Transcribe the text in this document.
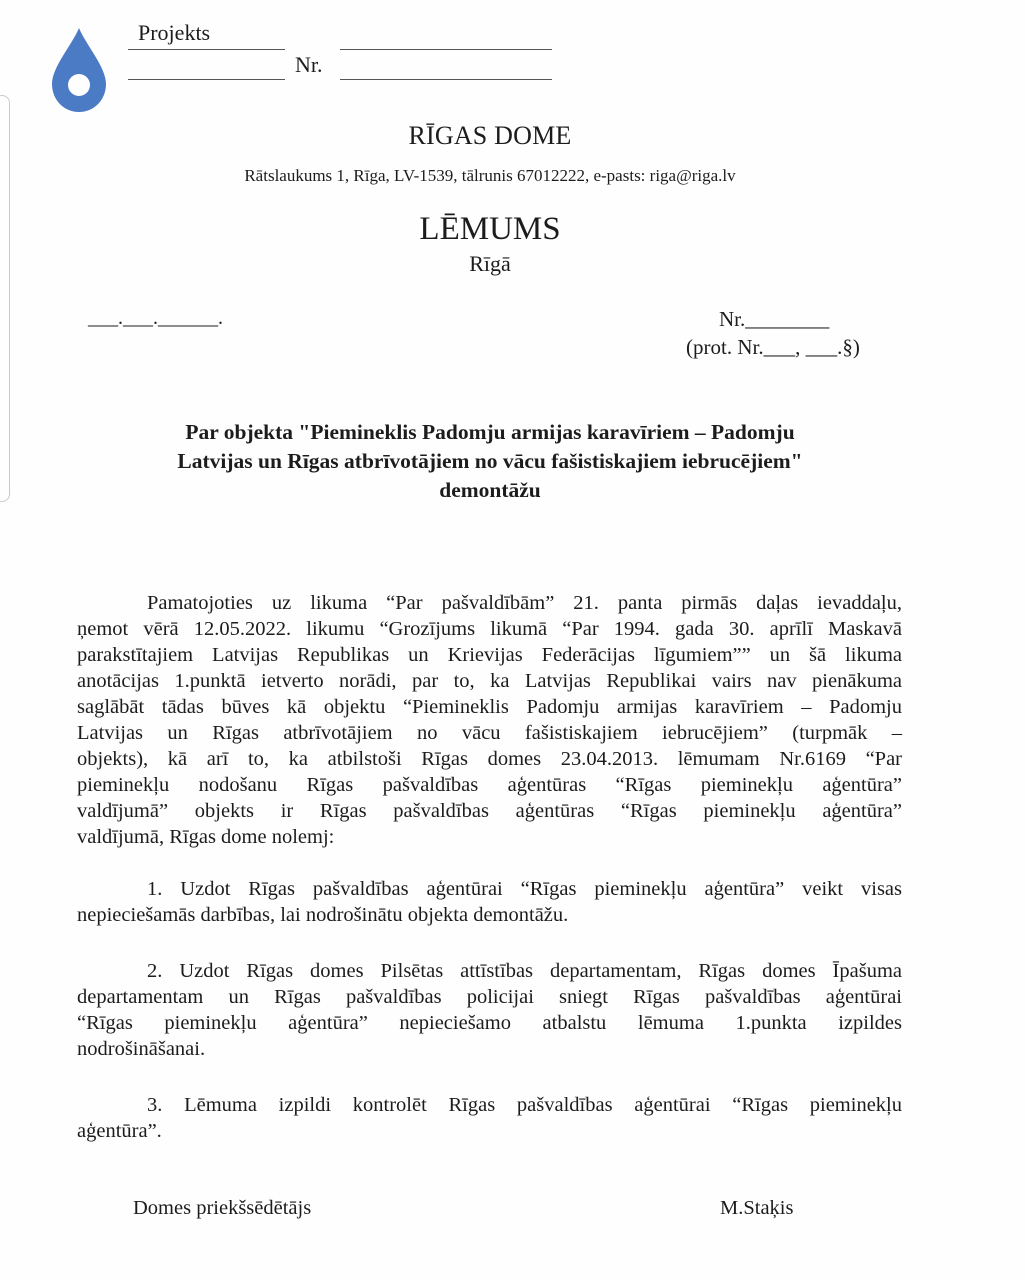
Projekts
Nr.
RĪGAS DOME
Rātslaukums 1, Rīga, LV-1539, tālrunis 67012222, e-pasts: riga@riga.lv
LĒMUMS
Rīgā
___.___.______.	Nr.________
(prot. Nr.___, ___.§)
Par objekta "Piemineklis Padomju armijas karavīriem – Padomju
Latvijas un Rīgas atbrīvotājiem no vācu fašistiskajiem iebrucējiem"
demontāžu
Pamatojoties uz likuma “Par pašvaldībām” 21. panta pirmās daļas ievaddaļu,
ņemot vērā 12.05.2022. likumu “Grozījums likumā “Par 1994. gada 30. aprīlī Maskavā
parakstītajiem Latvijas Republikas un Krievijas Federācijas līgumiem”” un šā likuma
anotācijas 1.punktā ietverto norādi, par to, ka Latvijas Republikai vairs nav pienākuma
saglābāt tādas būves kā objektu “Piemineklis Padomju armijas karavīriem – Padomju
Latvijas un Rīgas atbrīvotājiem no vācu fašistiskajiem iebrucējiem” (turpmāk –
objekts), kā arī to, ka atbilstoši Rīgas domes 23.04.2013. lēmumam Nr.6169 “Par
pieminekļu nodošanu Rīgas pašvaldības aģentūras “Rīgas pieminekļu aģentūra”
valdījumā” objekts ir Rīgas pašvaldības aģentūras “Rīgas pieminekļu aģentūra”
valdījumā, Rīgas dome nolemj:
1. Uzdot Rīgas pašvaldības aģentūrai “Rīgas pieminekļu aģentūra” veikt visas
nepieciešamās darbības, lai nodrošinātu objekta demontāžu.
2. Uzdot Rīgas domes Pilsētas attīstības departamentam, Rīgas domes Īpašuma
departamentam un Rīgas pašvaldības policijai sniegt Rīgas pašvaldības aģentūrai
“Rīgas pieminekļu aģentūra” nepieciešamo atbalstu lēmuma 1.punkta izpildes
nodrošināšanai.
3. Lēmuma izpildi kontrolēt Rīgas pašvaldības aģentūrai “Rīgas pieminekļu
aģentūra”.
Domes priekšsēdētājs	M.Staķis
